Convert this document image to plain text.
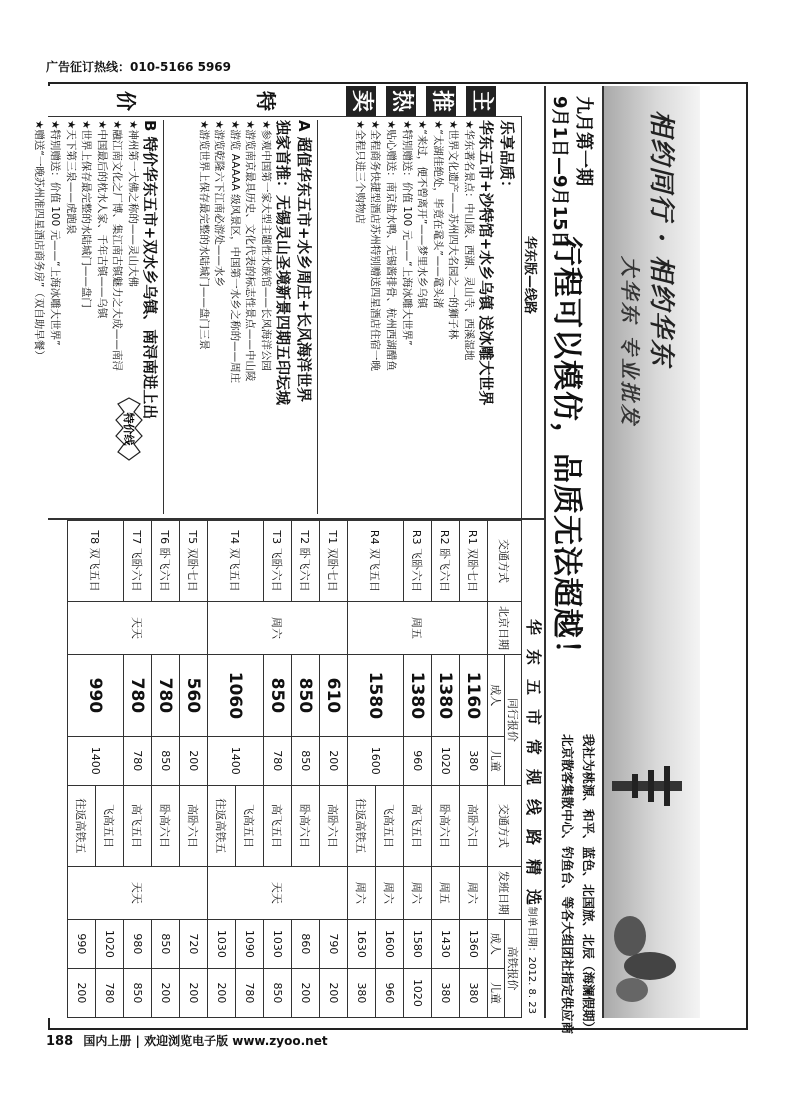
广告征订热线：010-5166 5969
188 国内上册 | 欢迎浏览电子版 www.zyoo.net
相约同行 · 相约华东
大华东 专业批发
九月第一期
9月1日—9月15日
行程可以模仿，品质无法超越！
我社为桃源、和平、蓝色、北国旅、北辰（海澜假期）
北京散客集散中心、钓鱼台、等各大组团社指定供应商
华东版—线路
主
推
热
卖
特
价
乐享品质：
华东五市+沙特馆+水乡乌镇 送冰雕大世界
★华东著名景点：中山陵、西湖、灵山寺、西溪湿地
★世界文化遗产——苏州四大名园之一的狮子林
★“太湖佳绝处，毕竟在鼋头”——鼋头渚
★“来过，便不曾离开”——梦里水乡乌镇
★特别赠送：价值 100 元——“上海冰雕大世界”
★贴心赠送：南京盐水鸭、无锡酱排骨、杭州西湖醋鱼
★全程商务快捷型酒店苏州特别赠送四星酒店住宿一晚
★全程只进三个购物店
A 超值华东五市+水乡周庄+长风海洋世界
独家首推：无锡灵山圣境新景四期五印坛城
★参观中国第一家大型主题性水族馆——长风海洋公园
★游览南京最具历史、文化代表的标志性景点——中山陵
★游览 AAAAA 级风景区，中国第一水乡之称的——周庄
★游览乾隆六下江南必游处——水乡
★游览世界上保存最完整的水陆城门——盘门三景
B 特价华东五市+双水乡乌镇、南浔南进上出
★神州第一大佛之称的——灵山大佛
★融江南文化之厂博、集江南古镇魅力之大成——南浔
★中国最后的枕水人家、千年古镇——乌镇
★世界上保存最完整的水陆城门——盘门
★天下第三泉——虎跑泉
★特别赠送：价值 100 元——“上海冰雕大世界”
★赠送“一晚苏州准四星酒店商务房”（双自助早餐）
特价线
华东五市常规线路精选
制单日期：2012. 8. 23
交通方式	北京日期	同行报价		交通方式	发班日期	高铁报价	
		成人	儿童			成人	儿童
R1 双卧七日	周五	1160	380	高卧六日	周六	1360	380
R2 卧飞六日		1380	1020	卧高六日	周五	1430	380
R3 飞卧六日		1380	960	高飞五日	周六	1580	1020
R4 双飞五日		1580	1600	飞高五日	周六	1600	960
				往返高铁五	周六	1630	380
T1 双卧七日	周六	610	200	高卧六日	天天	790	200
T2 卧飞六日		850	850	卧高六日		860	200
T3 飞卧六日		850	780	高飞五日		1030	850
T4 双飞五日		1060	1400	飞高五日		1090	780
				往返高铁五		1030	200
T5 双卧七日	天天	560	200	高卧六日	天天	720	200
T6 卧飞六日		780	850	卧高六日		850	200
T7 飞卧六日		780	780	高飞五日		980	850
T8 双飞五日		990	1400	飞高五日		1020	780
				往返高铁五		990	200
